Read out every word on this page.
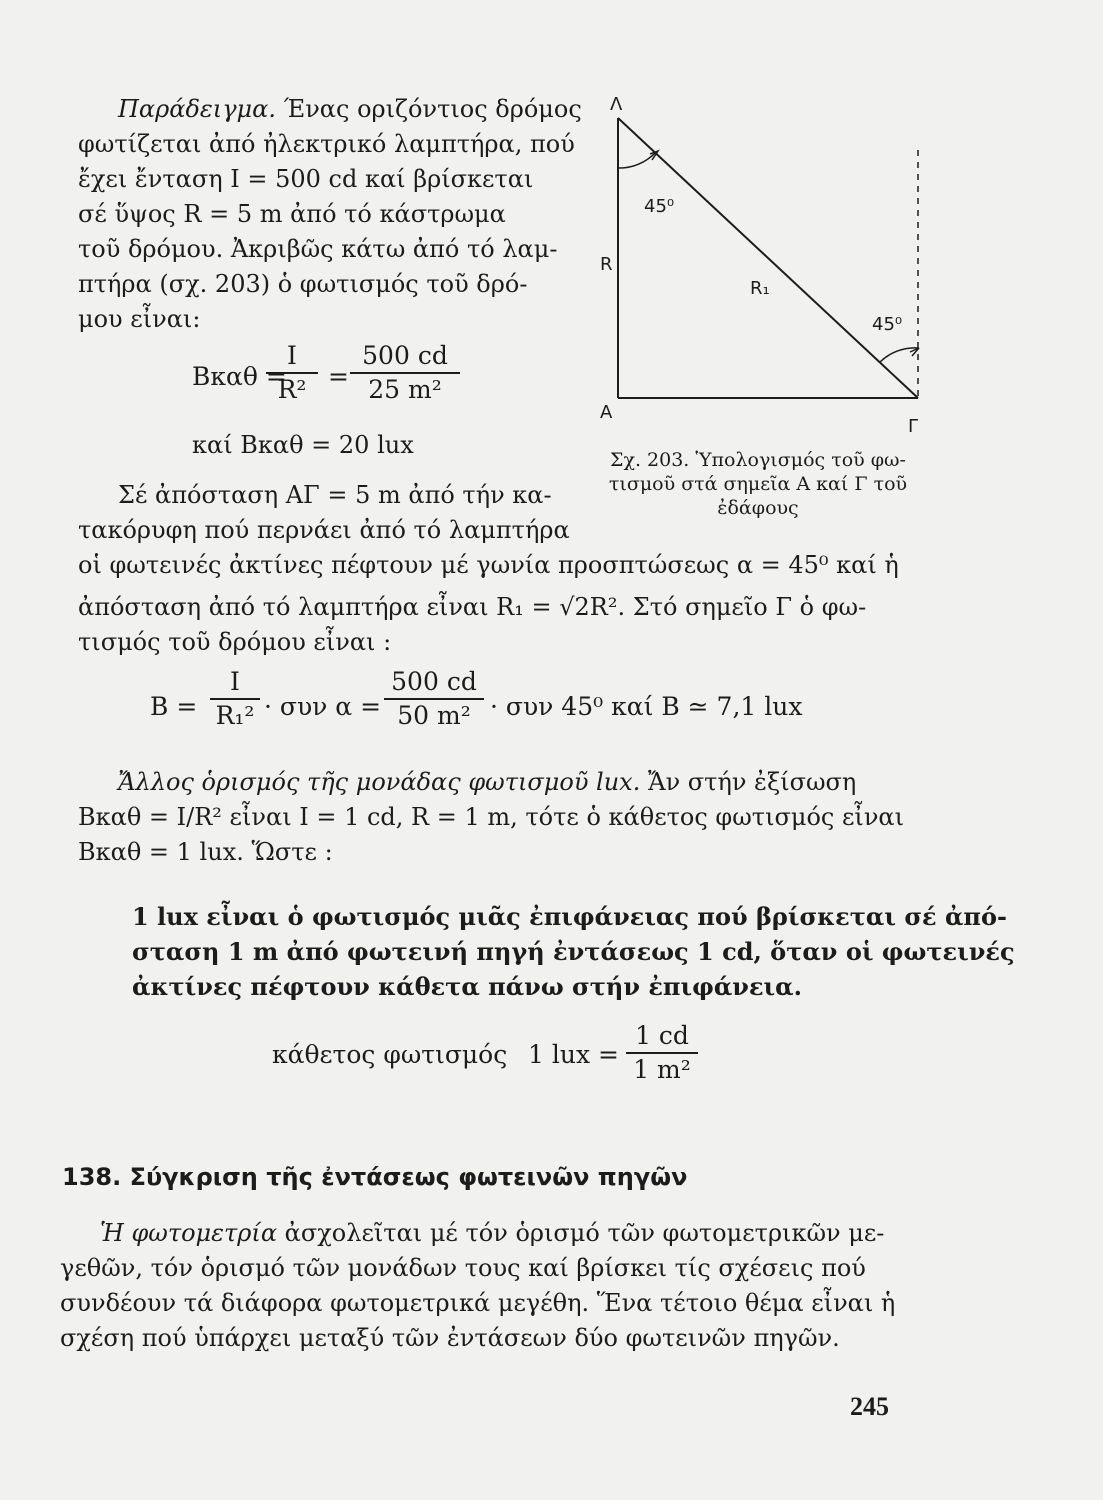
Παράδειγμα. Ένας οριζόντιος δρόμος
φωτίζεται ἀπό ἠλεκτρικό λαμπτήρα, πού
ἔχει ἔνταση I = 500 cd καί βρίσκεται
σέ ὕψος R = 5 m ἀπό τό κάστρωμα
τοῦ δρόμου. Ἀκριβῶς κάτω ἀπό τό λαμ-
πτήρα (σχ. 203) ὁ φωτισμός τοῦ δρό-
μου εἶναι:
Bκαθ =
I
R² =
500 cd
25 m²
καί Bκαθ = 20 lux
Σέ ἀπόσταση ΑΓ = 5 m ἀπό τήν κα-
τακόρυφη πού περνάει ἀπό τό λαμπτήρα
οἱ φωτεινές ἀκτίνες πέφτουν μέ γωνία προσπτώσεως α = 45⁰ καί ἡ
ἀπόσταση ἀπό τό λαμπτήρα εἶναι R₁ = √2R². Στό σημεῖο Γ ὁ φω-
τισμός τοῦ δρόμου εἶναι :
B =
I
R₁² · συν α =
500 cd
50 m² · συν 45⁰ καί B ≃ 7,1 lux
Ἄλλος ὁρισμός τῆς μονάδας φωτισμοῦ lux. Ἄν στήν ἐξίσωση
Bκαθ = I/R² εἶναι I = 1 cd, R = 1 m, τότε ὁ κάθετος φωτισμός εἶναι
Bκαθ = 1 lux. Ὥστε :
1 lux εἶναι ὁ φωτισμός μιᾶς ἐπιφάνειας πού βρίσκεται σέ ἀπό-
σταση 1 m ἀπό φωτεινή πηγή ἐντάσεως 1 cd, ὅταν οἱ φωτεινές
ἀκτίνες πέφτουν κάθετα πάνω στήν ἐπιφάνεια.
κάθετος φωτισμός 1 lux =
1 cd
1 m²
138. Σύγκριση τῆς ἐντάσεως φωτεινῶν πηγῶν
Ἡ φωτομετρία ἀσχολεῖται μέ τόν ὁρισμό τῶν φωτομετρικῶν με-
γεθῶν, τόν ὁρισμό τῶν μονάδων τους καί βρίσκει τίς σχέσεις πού
συνδέουν τά διάφορα φωτομετρικά μεγέθη. Ἕνα τέτοιο θέμα εἶναι ἡ
σχέση πού ὑπάρχει μεταξύ τῶν ἐντάσεων δύο φωτεινῶν πηγῶν.
245
Λ
Α
Γ
R
R₁
45⁰
45⁰
Σχ. 203. Ὑπολογισμός τοῦ φω-
τισμοῦ στά σημεῖα Α καί Γ τοῦ
ἐδάφους
